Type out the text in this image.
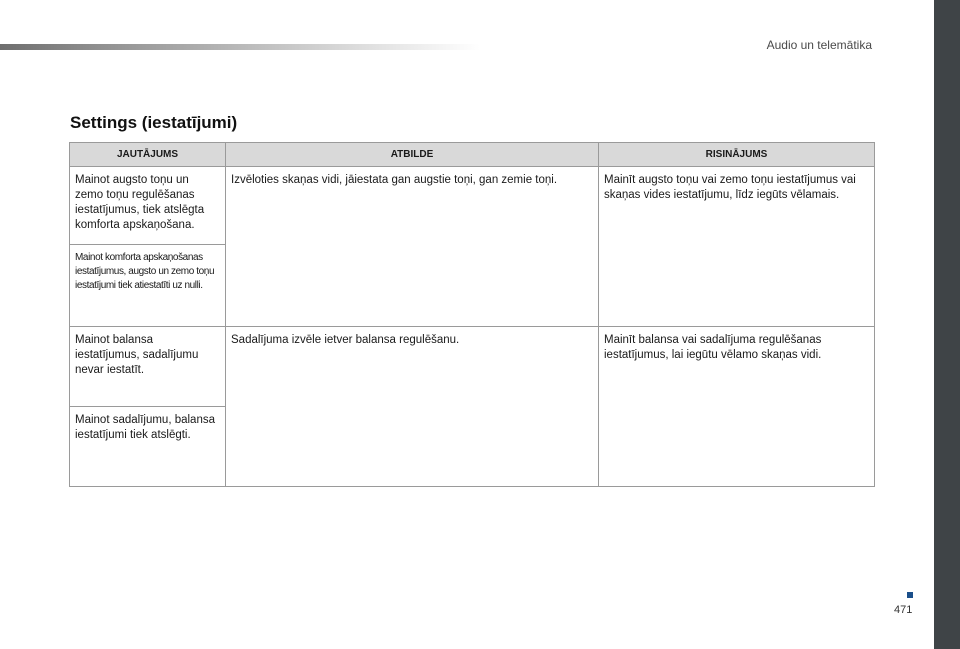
Audio un telemātika
Settings (iestatījumi)
JAUTĀJUMS	ATBILDE	RISINĀJUMS
Mainot augsto toņu un zemo toņu regulēšanas iestatījumus, tiek atslēgta komforta apskaņošana.	Izvēloties skaņas vidi, jāiestata gan augstie toņi, gan zemie toņi.	Mainīt augsto toņu vai zemo toņu iestatījumus vai skaņas vides iestatījumu, līdz iegūts vēlamais.
Mainot komforta apskaņošanas iestatījumus, augsto un zemo toņu iestatījumi tiek atiestatīti uz nulli.		
Mainot balansa iestatījumus, sadalījumu nevar iestatīt.	Sadalījuma izvēle ietver balansa regulēšanu.	Mainīt balansa vai sadalījuma regulēšanas iestatījumus, lai iegūtu vēlamo skaņas vidi.
Mainot sadalījumu, balansa iestatījumi tiek atslēgti.		
471
